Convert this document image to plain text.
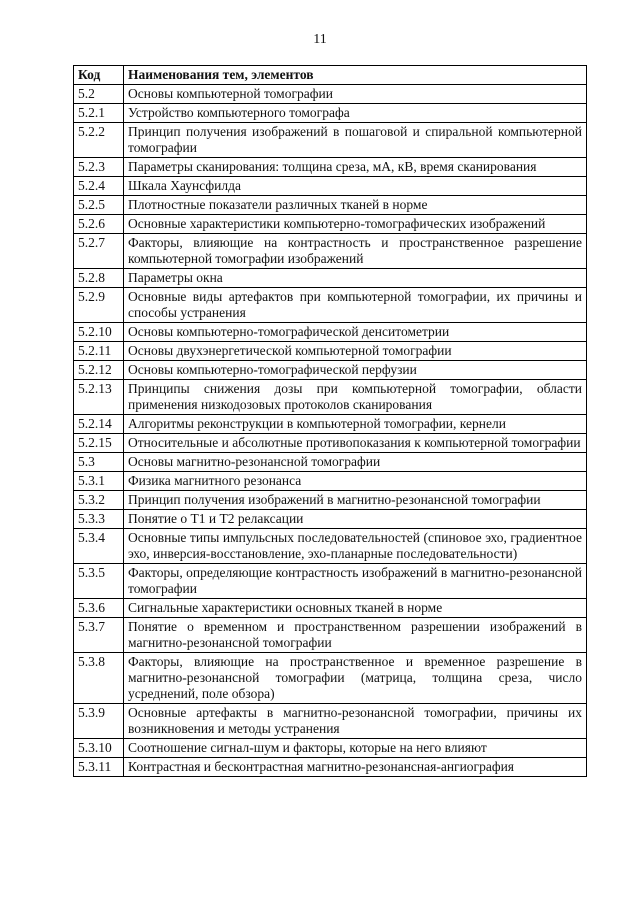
11
Код	Наименования тем, элементов
5.2	Основы компьютерной томографии
5.2.1	Устройство компьютерного томографа
5.2.2	Принцип получения изображений в пошаговой и спиральной компьютерной томографии
5.2.3	Параметры сканирования: толщина среза, мА, кВ, время сканирования
5.2.4	Шкала Хаунсфилда
5.2.5	Плотностные показатели различных тканей в норме
5.2.6	Основные характеристики компьютерно-томографических изображений
5.2.7	Факторы, влияющие на контрастность и пространственное разрешение компьютерной томографии изображений
5.2.8	Параметры окна
5.2.9	Основные виды артефактов при компьютерной томографии, их причины и способы устранения
5.2.10	Основы компьютерно-томографической денситометрии
5.2.11	Основы двухэнергетической компьютерной томографии
5.2.12	Основы компьютерно-томографической перфузии
5.2.13	Принципы снижения дозы при компьютерной томографии, области применения низкодозовых протоколов сканирования
5.2.14	Алгоритмы реконструкции в компьютерной томографии, кернели
5.2.15	Относительные и абсолютные противопоказания к компьютерной томографии
5.3	Основы магнитно-резонансной томографии
5.3.1	Физика магнитного резонанса
5.3.2	Принцип получения изображений в магнитно-резонансной томографии
5.3.3	Понятие о Т1 и Т2 релаксации
5.3.4	Основные типы импульсных последовательностей (спиновое эхо, градиентное эхо, инверсия-восстановление, эхо-планарные последовательности)
5.3.5	Факторы, определяющие контрастность изображений в магнитно-резонансной томографии
5.3.6	Сигнальные характеристики основных тканей в норме
5.3.7	Понятие о временном и пространственном разрешении изображений в магнитно-резонансной томографии
5.3.8	Факторы, влияющие на пространственное и временное разрешение в магнитно-резонансной томографии (матрица, толщина среза, число усреднений, поле обзора)
5.3.9	Основные артефакты в магнитно-резонансной томографии, причины их возникновения и методы устранения
5.3.10	Соотношение сигнал-шум и факторы, которые на него влияют
5.3.11	Контрастная и бесконтрастная магнитно-резонансная-ангиография
